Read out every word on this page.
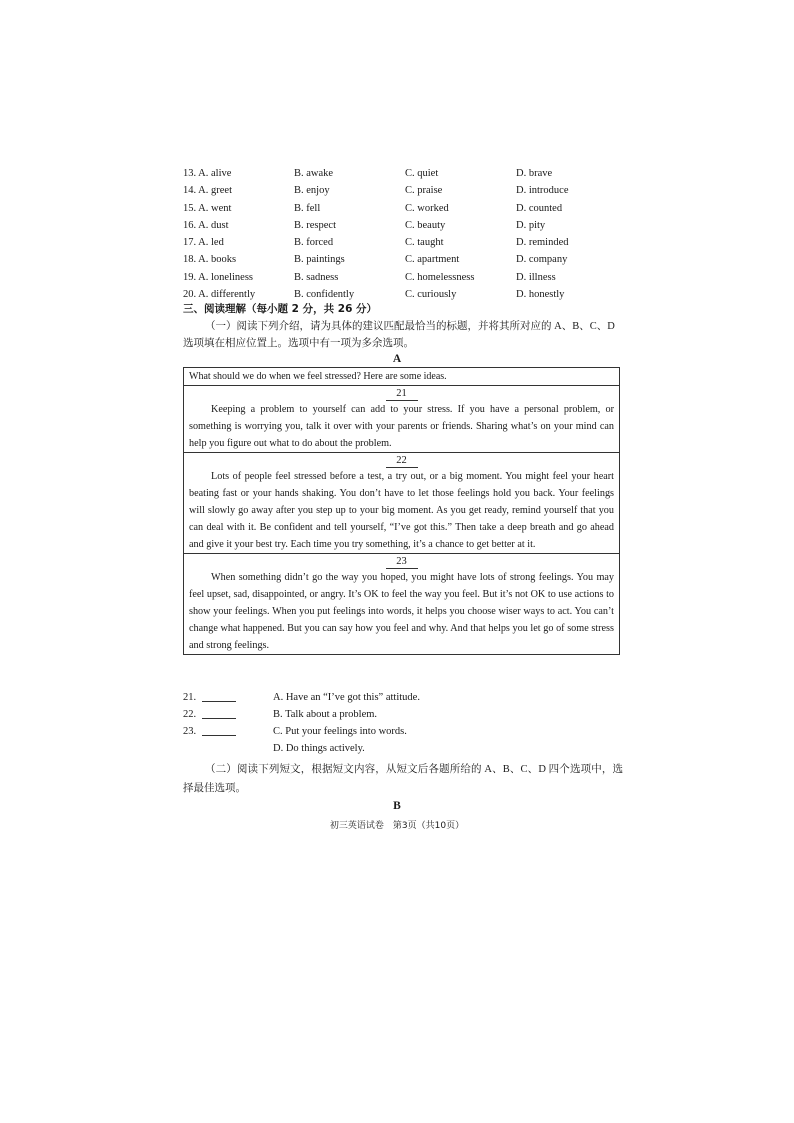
13. A. alive	B. awake	C. quiet	D. brave
14. A. greet	B. enjoy	C. praise	D. introduce
15. A. went	B. fell	C. worked	D. counted
16. A. dust	B. respect	C. beauty	D. pity
17. A. led	B. forced	C. taught	D. reminded
18. A. books	B. paintings	C. apartment	D. company
19. A. loneliness	B. sadness	C. homelessness	D. illness
20. A. differently	B. confidently	C. curiously	D. honestly
三、阅读理解（每小题 2 分，共 26 分）
（一）阅读下列介绍，请为具体的建议匹配最恰当的标题，并将其所对应的 A、B、C、D 选项填在相应位置上。选项中有一项为多余选项。
A
What should we do when we feel stressed? Here are some ideas.
21

Keeping a problem to yourself can add to your stress. If you have a personal problem, or something is worrying you, talk it over with your parents or friends. Sharing what’s on your mind can help you figure out what to do about the problem.

22

Lots of people feel stressed before a test, a try out, or a big moment. You might feel your heart beating fast or your hands shaking. You don’t have to let those feelings hold you back. Your feelings will slowly go away after you step up to your big moment. As you get ready, remind yourself that you can deal with it. Be confident and tell yourself, “I’ve got this.” Then take a deep breath and go ahead and give it your best try. Each time you try something, it’s a chance to get better at it.

23

When something didn’t go the way you hoped, you might have lots of strong feelings. You may feel upset, sad, disappointed, or angry. It’s OK to feel the way you feel. But it’s not OK to use actions to show your feelings. When you put feelings into words, it helps you choose wiser ways to act. You can’t change what happened. But you can say how you feel and why. And that helps you let go of some stress and strong feelings.

21.	A. Have an “I’ve got this” attitude.
22.	B. Talk about a problem.
23.	C. Put your feelings into words.
D. Do things actively.
（二）阅读下列短文，根据短文内容，从短文后各题所给的 A、B、C、D 四个选项中，选择最佳选项。
B
初三英语试卷　第3页（共10页）
